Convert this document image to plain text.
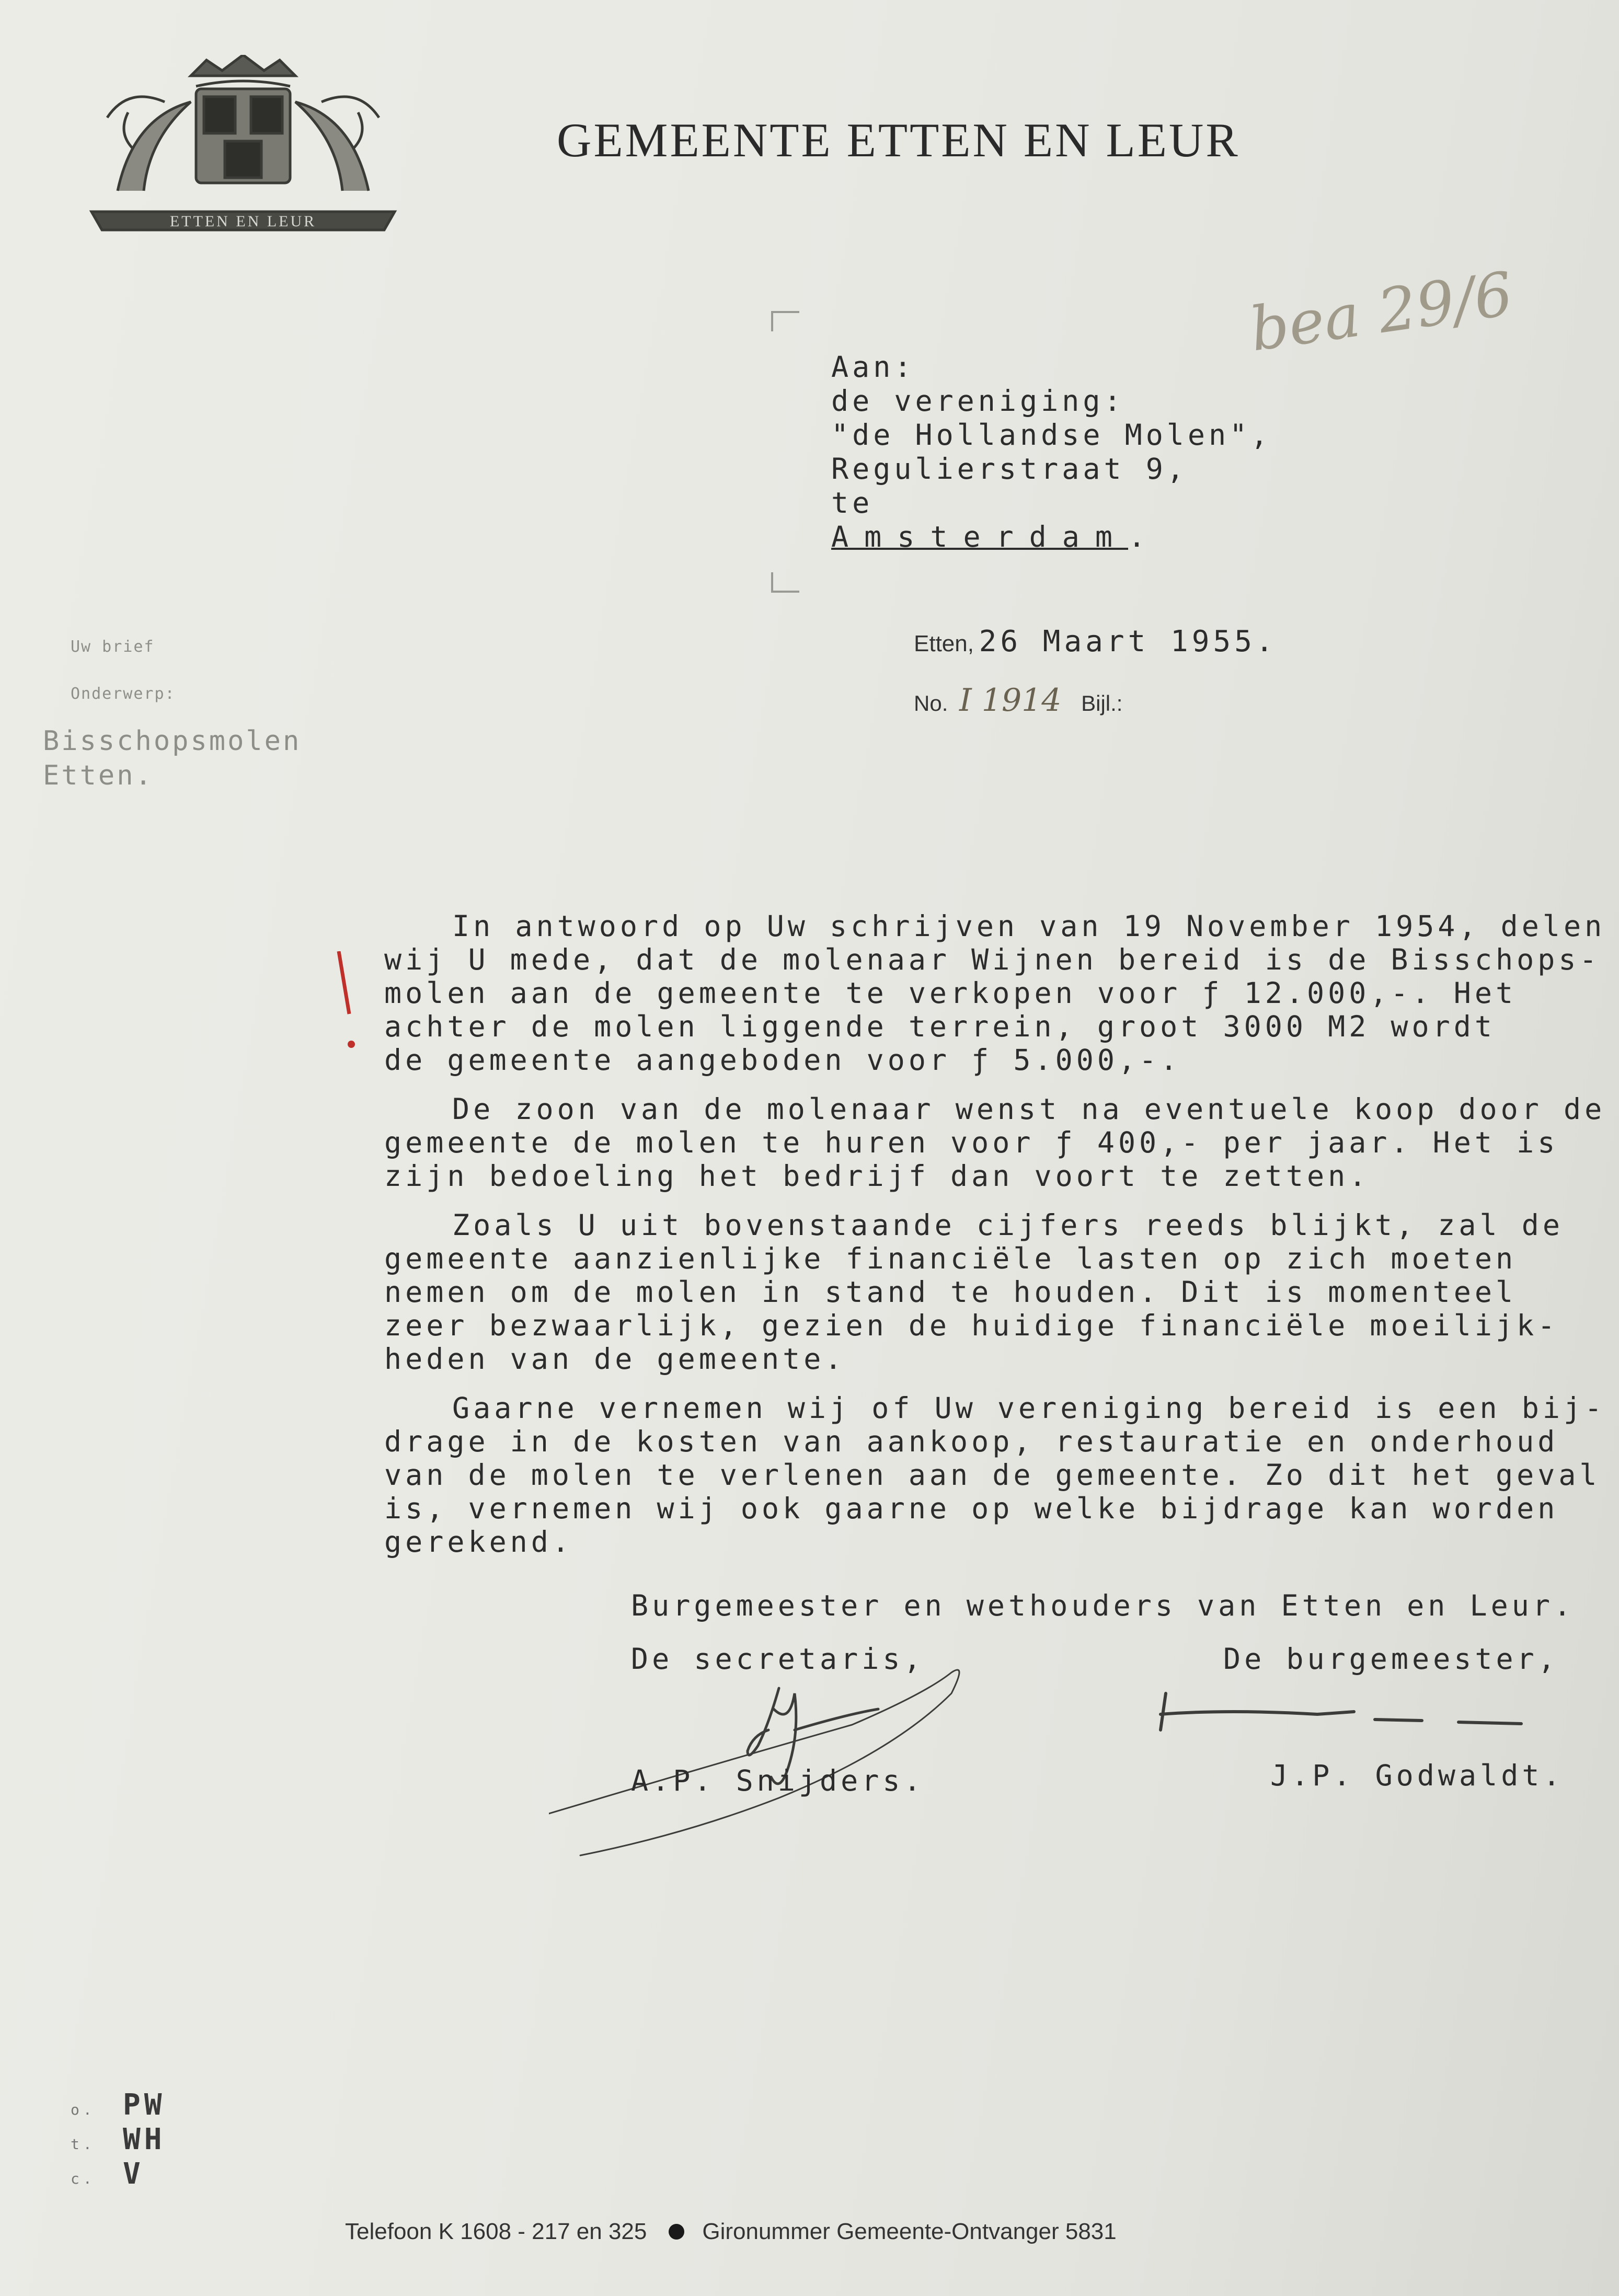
ETTEN EN LEUR
GEMEENTE ETTEN EN LEUR
beа 29/6
Aan:
de vereniging:
"de Hollandse Molen",
Regulierstraat 9,
te
Amsterdam.
Etten, 26 Maart 1955.
No. I 1914 Bijl.:
Uw brief
Onderwerp:
Bisschopsmolen
Etten.
In antwoord op Uw schrijven van 19 November 1954, delen
wij U mede, dat de molenaar Wijnen bereid is de Bisschops-
molen aan de gemeente te verkopen voor ƒ 12.000,-. Het
achter de molen liggende terrein, groot 3000 M2 wordt
de gemeente aangeboden voor ƒ 5.000,-.
De zoon van de molenaar wenst na eventuele koop door de
gemeente de molen te huren voor ƒ 400,- per jaar. Het is
zijn bedoeling het bedrijf dan voort te zetten.
Zoals U uit bovenstaande cijfers reeds blijkt, zal de
gemeente aanzienlijke financiële lasten op zich moeten
nemen om de molen in stand te houden. Dit is momenteel
zeer bezwaarlijk, gezien de huidige financiële moeilijk-
heden van de gemeente.
Gaarne vernemen wij of Uw vereniging bereid is een bij-
drage in de kosten van aankoop, restauratie en onderhoud
van de molen te verlenen aan de gemeente. Zo dit het geval
is, vernemen wij ook gaarne op welke bijdrage kan worden
gerekend.
Burgemeester en wethouders van Etten en Leur.
De secretaris,	De burgemeester,
A.P. Snijders.	J.P. Godwaldt.
o. PW
t. WH
c. V
Telefoon K 1608 - 217 en 325 Gironummer Gemeente-Ontvanger 5831
